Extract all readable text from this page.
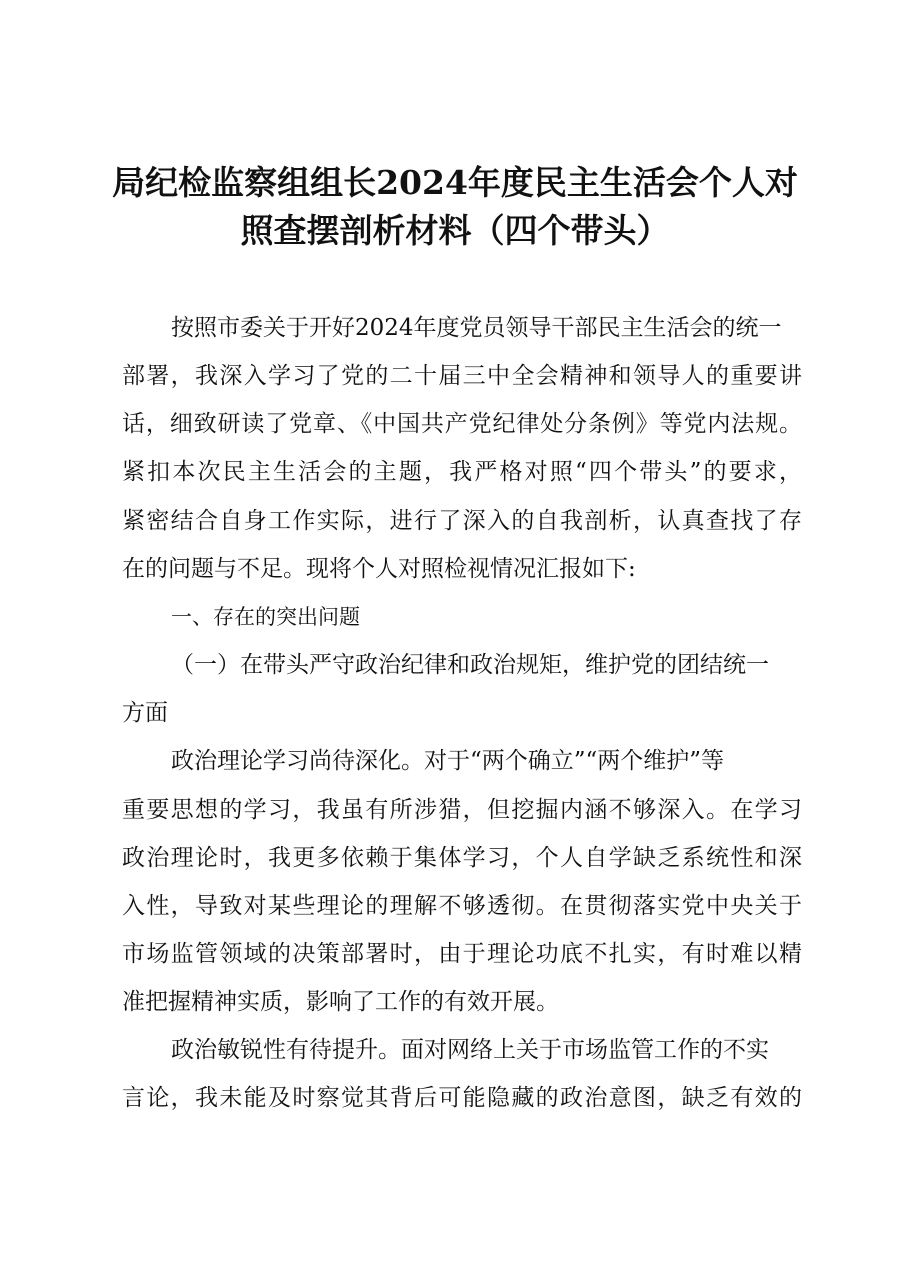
局纪检监察组组长2024年度民主生活会个人对
照查摆剖析材料（四个带头）

按照市委关于开好2024年度党员领导干部民主生活会的统一

部署，我深入学习了党的二十届三中全会精神和领导人的重要讲

话，细致研读了党章、《中国共产党纪律处分条例》等党内法规。

紧扣本次民主生活会的主题，我严格对照“四个带头”的要求，

紧密结合自身工作实际，进行了深入的自我剖析，认真查找了存

在的问题与不足。现将个人对照检视情况汇报如下:

一、存在的突出问题

（一）在带头严守政治纪律和政治规矩，维护党的团结统一

方面

政治理论学习尚待深化。对于“两个确立”“两个维护”等

重要思想的学习，我虽有所涉猎，但挖掘内涵不够深入。在学习

政治理论时，我更多依赖于集体学习，个人自学缺乏系统性和深

入性，导致对某些理论的理解不够透彻。在贯彻落实党中央关于

市场监管领域的决策部署时，由于理论功底不扎实，有时难以精

准把握精神实质，影响了工作的有效开展。

政治敏锐性有待提升。面对网络上关于市场监管工作的不实

言论，我未能及时察觉其背后可能隐藏的政治意图，缺乏有效的
